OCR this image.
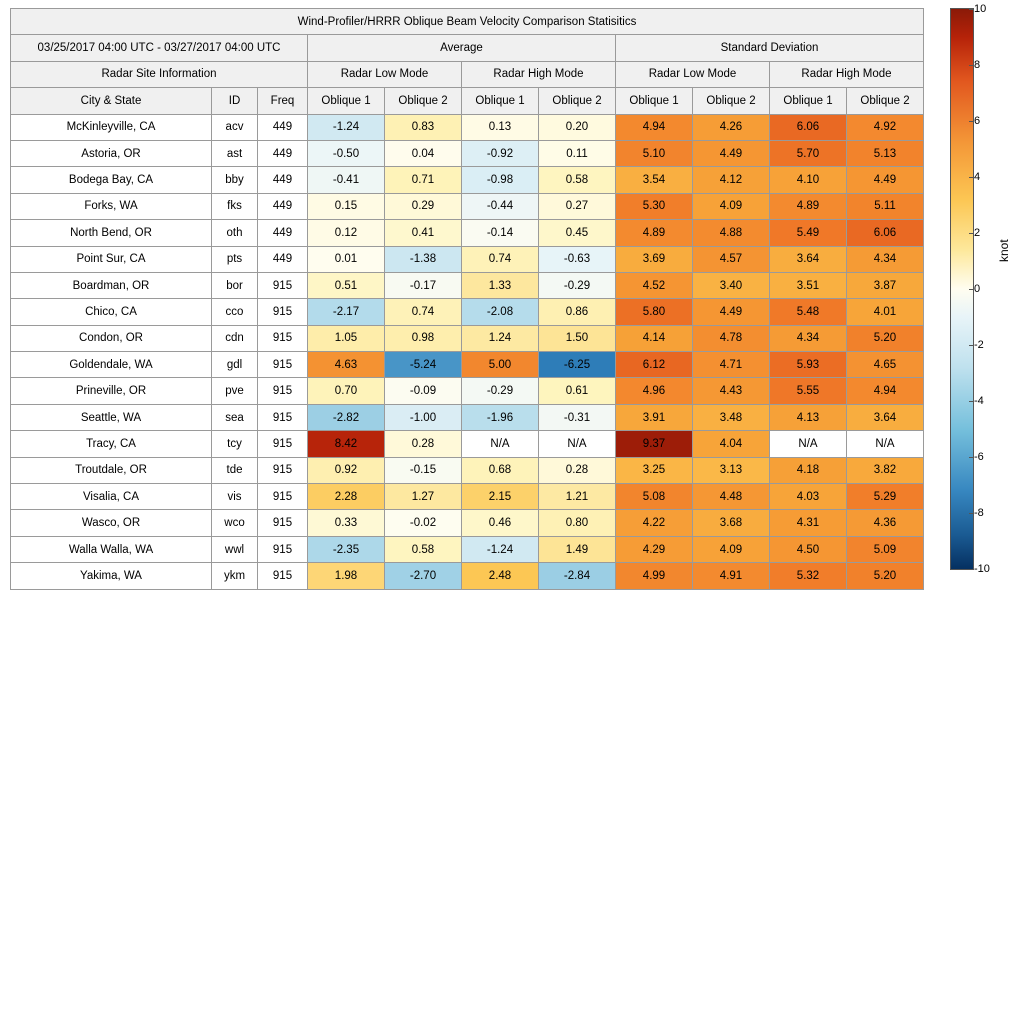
Wind-Profiler/HRRR Oblique Beam Velocity Comparison Statisitics										
03/25/2017 04:00 UTC - 03/27/2017 04:00 UTC			Average				Standard Deviation			
Radar Site Information			Radar Low Mode		Radar High Mode		Radar Low Mode		Radar High Mode	
City & State	ID	Freq	Oblique 1	Oblique 2	Oblique 1	Oblique 2	Oblique 1	Oblique 2	Oblique 1	Oblique 2
McKinleyville, CA	acv	449	-1.24	0.83	0.13	0.20	4.94	4.26	6.06	4.92
Astoria, OR	ast	449	-0.50	0.04	-0.92	0.11	5.10	4.49	5.70	5.13
Bodega Bay, CA	bby	449	-0.41	0.71	-0.98	0.58	3.54	4.12	4.10	4.49
Forks, WA	fks	449	0.15	0.29	-0.44	0.27	5.30	4.09	4.89	5.11
North Bend, OR	oth	449	0.12	0.41	-0.14	0.45	4.89	4.88	5.49	6.06
Point Sur, CA	pts	449	0.01	-1.38	0.74	-0.63	3.69	4.57	3.64	4.34
Boardman, OR	bor	915	0.51	-0.17	1.33	-0.29	4.52	3.40	3.51	3.87
Chico, CA	cco	915	-2.17	0.74	-2.08	0.86	5.80	4.49	5.48	4.01
Condon, OR	cdn	915	1.05	0.98	1.24	1.50	4.14	4.78	4.34	5.20
Goldendale, WA	gdl	915	4.63	-5.24	5.00	-6.25	6.12	4.71	5.93	4.65
Prineville, OR	pve	915	0.70	-0.09	-0.29	0.61	4.96	4.43	5.55	4.94
Seattle, WA	sea	915	-2.82	-1.00	-1.96	-0.31	3.91	3.48	4.13	3.64
Tracy, CA	tcy	915	8.42	0.28	N/A	N/A	9.37	4.04	N/A	N/A
Troutdale, OR	tde	915	0.92	-0.15	0.68	0.28	3.25	3.13	4.18	3.82
Visalia, CA	vis	915	2.28	1.27	2.15	1.21	5.08	4.48	4.03	5.29
Wasco, OR	wco	915	0.33	-0.02	0.46	0.80	4.22	3.68	4.31	4.36
Walla Walla, WA	wwl	915	-2.35	0.58	-1.24	1.49	4.29	4.09	4.50	5.09
Yakima, WA	ykm	915	1.98	-2.70	2.48	-2.84	4.99	4.91	5.32	5.20
10
8
6
4
2
0
-2
-4
-6
-8
-10
knot
